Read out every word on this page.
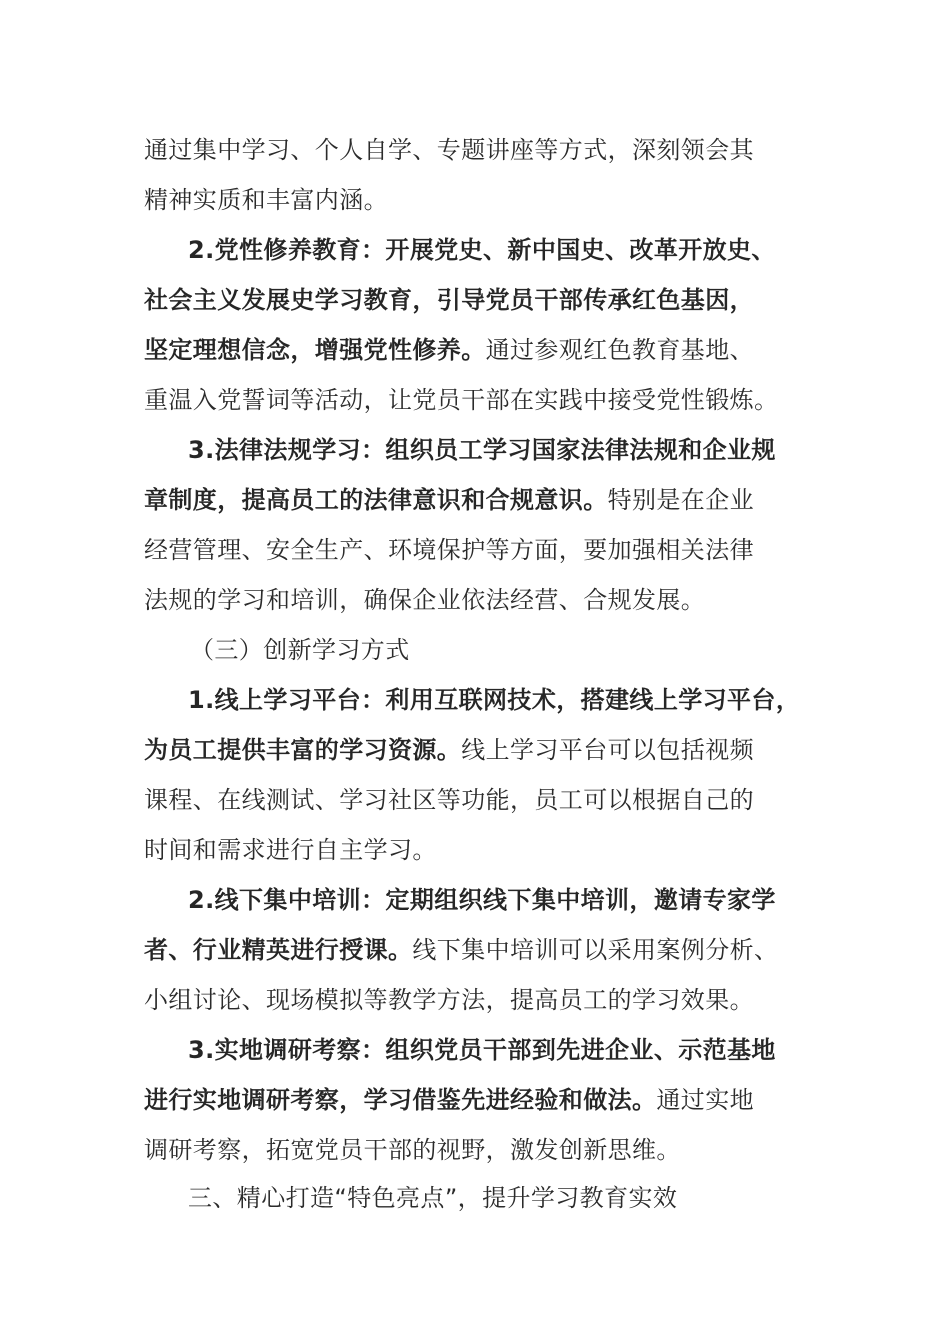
通过集中学习、个人自学、专题讲座等方式，深刻领会其
精神实质和丰富内涵。
2.党性修养教育：开展党史、新中国史、改革开放史、
社会主义发展史学习教育，引导党员干部传承红色基因，
坚定理想信念，增强党性修养。通过参观红色教育基地、
重温入党誓词等活动，让党员干部在实践中接受党性锻炼。
3.法律法规学习：组织员工学习国家法律法规和企业规
章制度，提高员工的法律意识和合规意识。特别是在企业
经营管理、安全生产、环境保护等方面，要加强相关法律
法规的学习和培训，确保企业依法经营、合规发展。
（三）创新学习方式
1.线上学习平台：利用互联网技术，搭建线上学习平台，
为员工提供丰富的学习资源。线上学习平台可以包括视频
课程、在线测试、学习社区等功能，员工可以根据自己的
时间和需求进行自主学习。
2.线下集中培训：定期组织线下集中培训，邀请专家学
者、行业精英进行授课。线下集中培训可以采用案例分析、
小组讨论、现场模拟等教学方法，提高员工的学习效果。
3.实地调研考察：组织党员干部到先进企业、示范基地
进行实地调研考察，学习借鉴先进经验和做法。通过实地
调研考察，拓宽党员干部的视野，激发创新思维。
三、精心打造“特色亮点”，提升学习教育实效
